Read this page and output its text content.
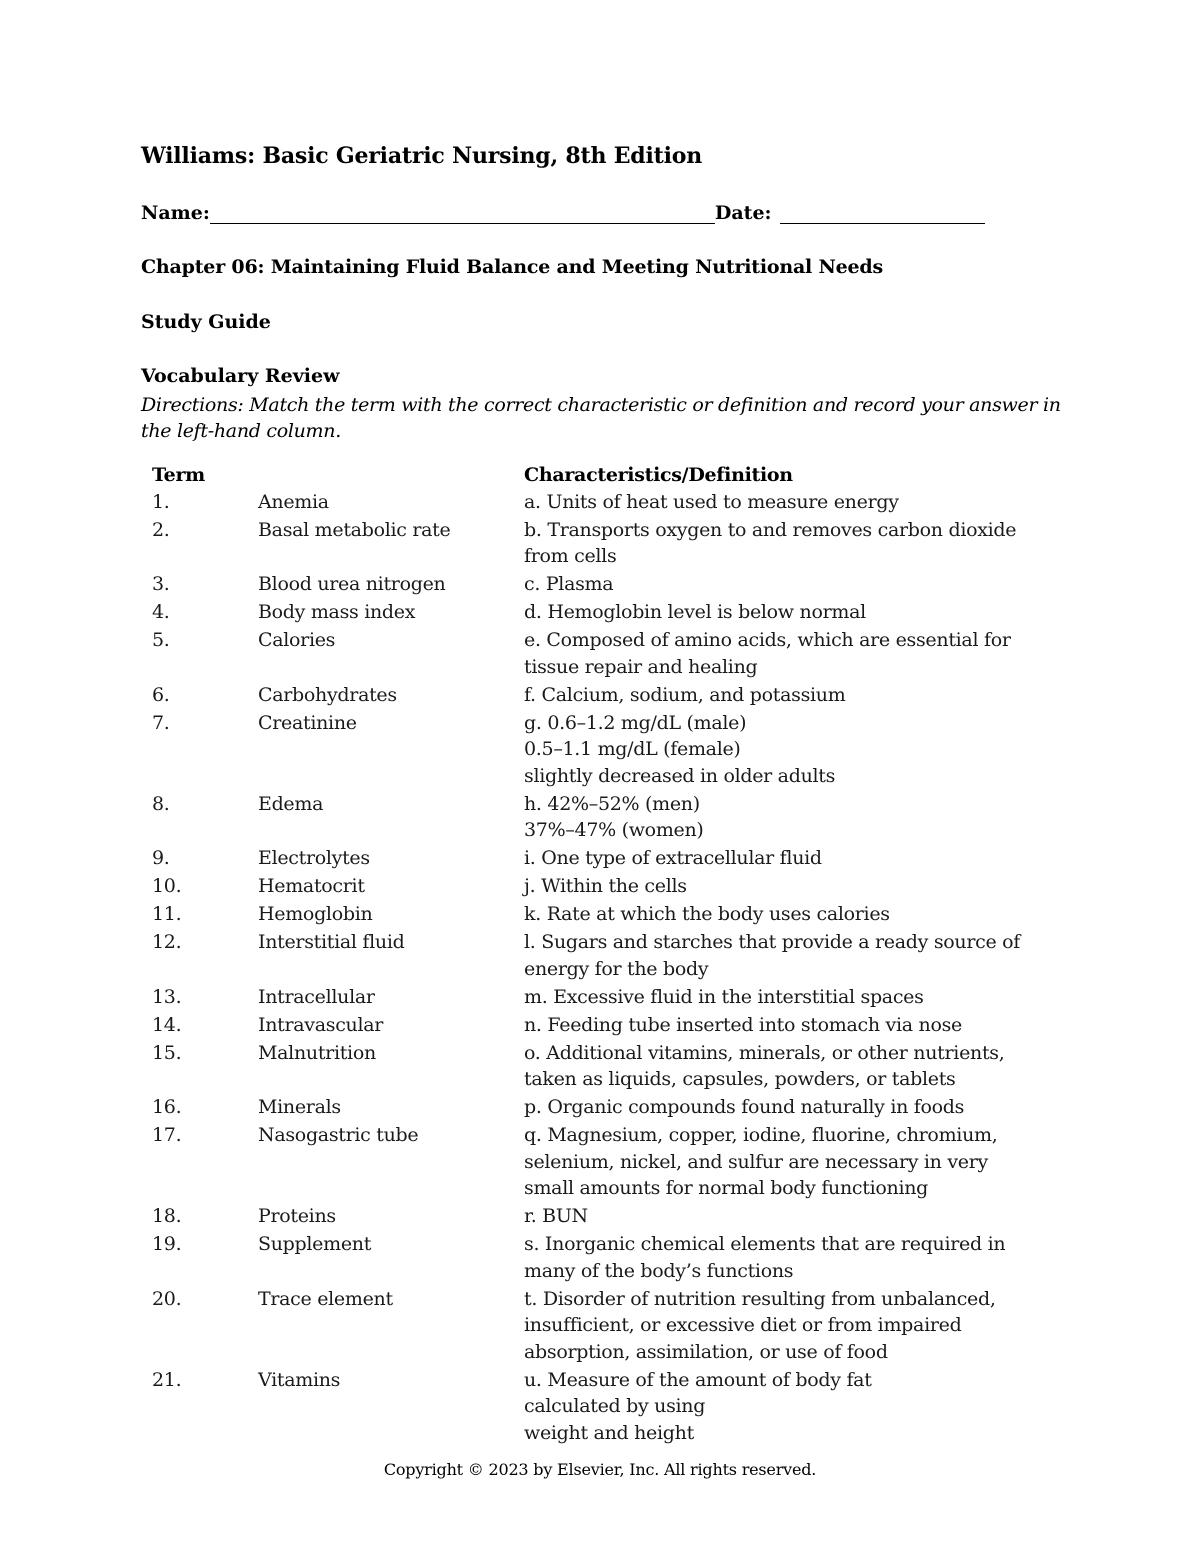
Williams: Basic Geriatric Nursing, 8th Edition
Name:	Date:
Chapter 06: Maintaining Fluid Balance and Meeting Nutritional Needs
Study Guide
Vocabulary Review
Directions: Match the term with the correct characteristic or definition and record your answer in the left-hand column.
Term	Characteristics/Definition
1.	Anemia	a. Units of heat used to measure energy
2.	Basal metabolic rate	b. Transports oxygen to and removes carbon dioxide
from cells
3.	Blood urea nitrogen	c. Plasma
4.	Body mass index	d. Hemoglobin level is below normal
5.	Calories	e. Composed of amino acids, which are essential for
tissue repair and healing
6.	Carbohydrates	f. Calcium, sodium, and potassium
7.	Creatinine	g. 0.6–1.2 mg/dL (male)
0.5–1.1 mg/dL (female)
slightly decreased in older adults
8.	Edema	h. 42%–52% (men)
37%–47% (women)
9.	Electrolytes	i. One type of extracellular fluid
10.	Hematocrit	j. Within the cells
11.	Hemoglobin	k. Rate at which the body uses calories
12.	Interstitial fluid	l. Sugars and starches that provide a ready source of
energy for the body
13.	Intracellular	m. Excessive fluid in the interstitial spaces
14.	Intravascular	n. Feeding tube inserted into stomach via nose
15.	Malnutrition	o. Additional vitamins, minerals, or other nutrients,
taken as liquids, capsules, powders, or tablets
16.	Minerals	p. Organic compounds found naturally in foods
17.	Nasogastric tube	q. Magnesium, copper, iodine, fluorine, chromium,
selenium, nickel, and sulfur are necessary in very
small amounts for normal body functioning
18.	Proteins	r. BUN
19.	Supplement	s. Inorganic chemical elements that are required in
many of the body’s functions
20.	Trace element	t. Disorder of nutrition resulting from unbalanced,
insufficient, or excessive diet or from impaired
absorption, assimilation, or use of food
21.	Vitamins	u. Measure of the amount of body fat
calculated by using
weight and height
Copyright © 2023 by Elsevier, Inc. All rights reserved.
